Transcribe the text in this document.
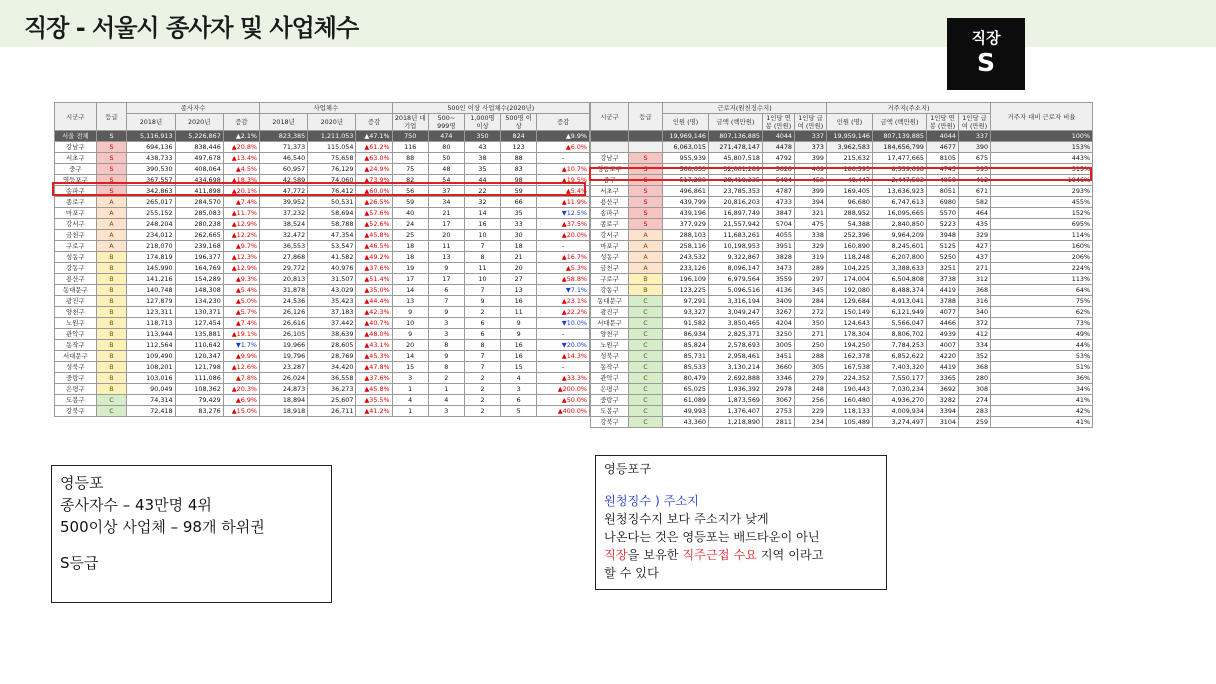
직장 - 서울시 종사자 및 사업체수	직장
S
시군구	등급	종사자수			사업체수			500인 이상 사업체수(2020년)				
		2018년	2020년	증감	2018년	2020년	증감	2018년 대기업	500~ 999명	1,000명 이상	500명 이상	증감
서울 전체	S	5,116,913	5,226,867	▲2.1%	823,385	1,211,053	▲47.1%	750	474	350	824	▲9.9%
강남구	S	694,136	838,446	▲20.8%	71,373	115,054	▲61.2%	116	80	43	123	▲6.0%
서초구	S	438,733	497,678	▲13.4%	46,540	75,658	▲63.0%	88	50	38	88	-
중구	S	390,530	408,064	▲4.5%	60,957	76,129	▲24.9%	75	48	35	83	▲10.7%
영등포구	S	367,557	434,698	▲18.3%	42,589	74,060	▲73.9%	82	54	44	98	▲19.5%
송파구	S	342,863	411,898	▲20.1%	47,772	76,412	▲60.0%	56	37	22	59	▲5.4%
종로구	A	265,017	284,570	▲7.4%	39,952	50,531	▲26.5%	59	34	32	66	▲11.9%
마포구	A	255,152	285,083	▲11.7%	37,232	58,694	▲57.6%	40	21	14	35	▼12.5%
강서구	A	248,204	280,238	▲12.9%	38,524	58,788	▲52.6%	24	17	16	33	▲37.5%
금천구	A	234,012	262,665	▲12.2%	32,472	47,354	▲45.8%	25	20	10	30	▲20.0%
구로구	A	218,070	239,168	▲9.7%	36,553	53,547	▲46.5%	18	11	7	18	-
성동구	B	174,819	196,377	▲12.3%	27,868	41,582	▲49.2%	18	13	8	21	▲16.7%
강동구	B	145,990	164,769	▲12.9%	29,772	40,976	▲37.6%	19	9	11	20	▲5.3%
용산구	B	141,216	154,289	▲9.3%	20,813	31,507	▲51.4%	17	17	10	27	▲58.8%
동대문구	B	140,748	148,308	▲5.4%	31,878	43,029	▲35.0%	14	6	7	13	▼7.1%
광진구	B	127,879	134,230	▲5.0%	24,536	35,423	▲44.4%	13	7	9	16	▲23.1%
양천구	B	123,311	130,371	▲5.7%	26,126	37,183	▲42.3%	9	9	2	11	▲22.2%
노원구	B	118,713	127,454	▲7.4%	26,616	37,442	▲40.7%	10	3	6	9	▼10.0%
관악구	B	113,944	135,881	▲19.1%	26,105	38,639	▲48.0%	9	3	6	9	-
동작구	B	112,564	110,642	▼1.7%	19,966	28,605	▲43.1%	20	8	8	16	▼20.0%
서대문구	B	109,490	120,347	▲9.9%	19,796	28,769	▲45.3%	14	9	7	16	▲14.3%
성북구	B	108,201	121,798	▲12.6%	23,287	34,420	▲47.8%	15	8	7	15	-
중랑구	B	103,016	111,086	▲7.8%	26,024	36,558	▲37.6%	3	2	2	4	▲33.3%
은평구	B	90,049	108,362	▲20.3%	24,873	36,273	▲45.8%	1	1	2	3	▲200.0%
도봉구	C	74,314	79,429	▲6.9%	18,894	25,607	▲35.5%	4	4	2	6	▲50.0%
강북구	C	72,418	83,276	▲15.0%	18,918	26,711	▲41.2%	1	3	2	5	▲400.0%
시군구	등급	근로지(원천징수지)				거주지(주소지)				거주자 대비 근로자 비율
		인원 (명)	금액 (백만원)	1인당 연봉 (만원)	1인당 급여 (만원)	인원 (명)	금액 (백만원)	1인당 연봉 (만원)	1인당 급여 (만원)	
		19,969,146	807,136,885	4044	337	19,959,146	807,139,885	4044	337	100%
		6,063,015	271,478,147	4478	373	3,962,583	184,656,799	4677	390	153%
강남구	S	955,939	45,807,518	4792	399	215,632	17,477,665	8105	675	443%
영등포구	S	568,633	32,001,289	5628	469	180,393	8,559,698	4745	395	315%
중구	S	517,280	28,419,235	5494	458	49,447	2,447,593	4950	412	1046%
서초구	S	496,861	23,785,353	4787	399	169,405	13,636,923	8051	671	293%
용산구	S	439,799	20,816,203	4733	394	96,680	6,747,613	6980	582	455%
송파구	S	439,196	16,897,749	3847	321	288,952	16,095,665	5570	464	152%
종로구	S	377,929	21,557,942	5704	475	54,388	2,840,850	5223	435	695%
강서구	A	288,103	11,683,261	4055	338	252,396	9,964,209	3948	329	114%
마포구	A	258,116	10,198,953	3951	329	160,890	8,245,601	5125	427	160%
성동구	A	243,532	9,322,867	3828	319	118,248	6,207,800	5250	437	206%
금천구	A	233,126	8,096,147	3473	289	104,225	3,388,633	3251	271	224%
구로구	B	196,109	6,979,564	3559	297	174,004	6,504,808	3738	312	113%
강동구	B	123,225	5,096,516	4136	345	192,080	8,488,374	4419	368	64%
동대문구	C	97,291	3,316,194	3409	284	129,684	4,913,041	3788	316	75%
광진구	C	93,327	3,049,247	3267	272	150,149	6,121,949	4077	340	62%
서대문구	C	91,582	3,850,465	4204	350	124,643	5,566,047	4466	372	73%
양천구	C	86,934	2,825,371	3250	271	178,304	8,806,702	4939	412	49%
노원구	C	85,824	2,578,693	3005	250	194,250	7,784,253	4007	334	44%
성북구	C	85,731	2,958,461	3451	288	162,378	6,852,622	4220	352	53%
동작구	C	85,533	3,130,214	3660	305	167,538	7,403,320	4419	368	51%
관악구	C	80,479	2,692,888	3346	279	224,352	7,550,177	3365	280	36%
은평구	C	65,025	1,936,392	2978	248	190,443	7,030,234	3692	308	34%
중랑구	C	61,089	1,873,569	3067	256	160,480	4,936,270	3282	274	41%
도봉구	C	49,993	1,376,407	2753	229	118,133	4,009,934	3394	283	42%
강북구	C	43,360	1,218,890	2811	234	105,489	3,274,497	3104	259	41%
영등포
종사자수 – 43만명 4위
500이상 사업체 – 98개 하위권
S등급
영등포구
원청징수 ) 주소지
원청징수지 보다 주소지가 낮게
나온다는 것은 영등포는 배드타운이 아닌
직장을 보유한 직주근접 수요 지역 이라고
할 수 있다
